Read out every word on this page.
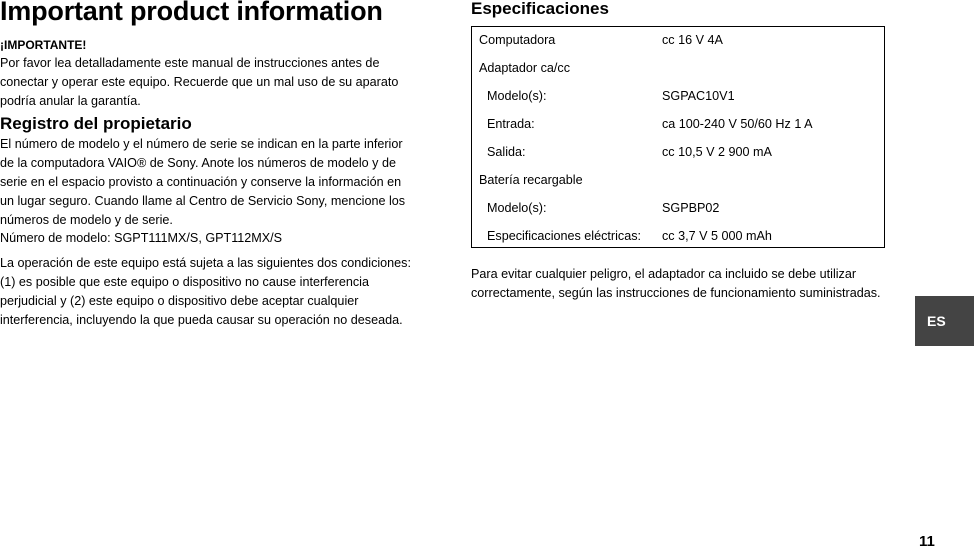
Important product information
¡IMPORTANTE!

Por favor lea detalladamente este manual de instrucciones antes de conectar y operar este equipo. Recuerde que un mal uso de su aparato podría anular la garantía.

Registro del propietario

El número de modelo y el número de serie se indican en la parte inferior de la computadora VAIO® de Sony. Anote los números de modelo y de serie en el espacio provisto a continuación y conserve la información en un lugar seguro. Cuando llame al Centro de Servicio Sony, mencione los números de modelo y de serie.

Número de modelo: SGPT111MX/S, GPT112MX/S

La operación de este equipo está sujeta a las siguientes dos condiciones: (1) es posible que este equipo o dispositivo no cause interferencia perjudicial y (2) este equipo o dispositivo debe aceptar cualquier interferencia, incluyendo la que pueda causar su operación no deseada.

Especificaciones
Computadora	cc 16 V 4A
Adaptador ca/cc
Modelo(s):	SGPAC10V1
Entrada:	ca 100-240 V 50/60 Hz 1 A
Salida:	cc 10,5 V 2 900 mA
Batería recargable
Modelo(s):	SGPBP02
Especificaciones eléctricas: cc 3,7 V 5 000 mAh

Para evitar cualquier peligro, el adaptador ca incluido se debe utilizar correctamente, según las instrucciones de funcionamiento suministradas.

ES
11
